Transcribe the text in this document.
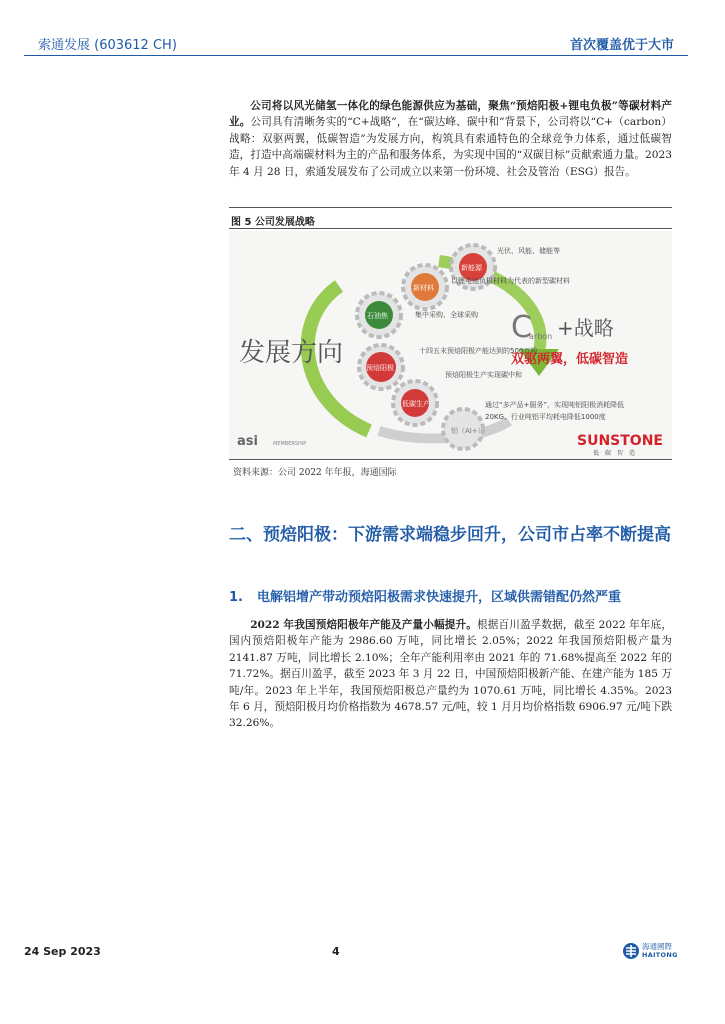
索通发展 (603612 CH)	首次覆盖优于大市
公司将以风光储氢一体化的绿色能源供应为基础，聚焦“预焙阳极+锂电负极”等碳材料产业。公司具有清晰务实的“C+战略”，在“碳达峰、碳中和”背景下，公司将以“C+（carbon）战略：双驱两翼，低碳智造”为发展方向，构筑具有索通特色的全球竞争力体系，通过低碳智造，打造中高端碳材料为主的产品和服务体系，为实现中国的“双碳目标”贡献索通力量。2023 年 4 月 28 日，索通发展发布了公司成立以来第一份环境、社会及管治（ESG）报告。
图 5 公司发展战略
发展方向
新能源
光伏、风能、储能等
新材料
以锂电池负极材料为代表的新型碳材料
石油焦	集中采购、全球采购
预焙阳极
十四五末预焙阳极产能达到的500万吨
低碳生产
预焙阳极生产实现碳中和
铝（AI+）
通过“多产品+服务”，实现吨铝阳极消耗降低
20KG、行业吨铝平均耗电降低1000度
C
arbon +战略
双驱两翼，低碳智造
SUNSTONE
低　碳　智　造
asi	MEMBERSHIP
资料来源：公司 2022 年年报，海通国际
二、预焙阳极：下游需求端稳步回升，公司市占率不断提高
1. 电解铝增产带动预焙阳极需求快速提升，区域供需错配仍然严重
2022 年我国预焙阳极年产能及产量小幅提升。根据百川盈孚数据，截至 2022 年年底，国内预焙阳极年产能为 2986.60 万吨，同比增长 2.05%；2022 年我国预焙阳极产量为 2141.87 万吨，同比增长 2.10%；全年产能利用率由 2021 年的 71.68%提高至 2022 年的 71.72%。据百川盈孚，截至 2023 年 3 月 22 日，中国预焙阳极新产能、在建产能为 185 万吨/年。2023 年上半年，我国预焙阳极总产量约为 1070.61 万吨，同比增长 4.35%。2023 年 6 月，预焙阳极月均价格指数为 4678.57 元/吨，较 1 月月均价格指数 6906.97 元/吨下跌 32.26%。
24 Sep 2023	4	海通國際
HAITONG
